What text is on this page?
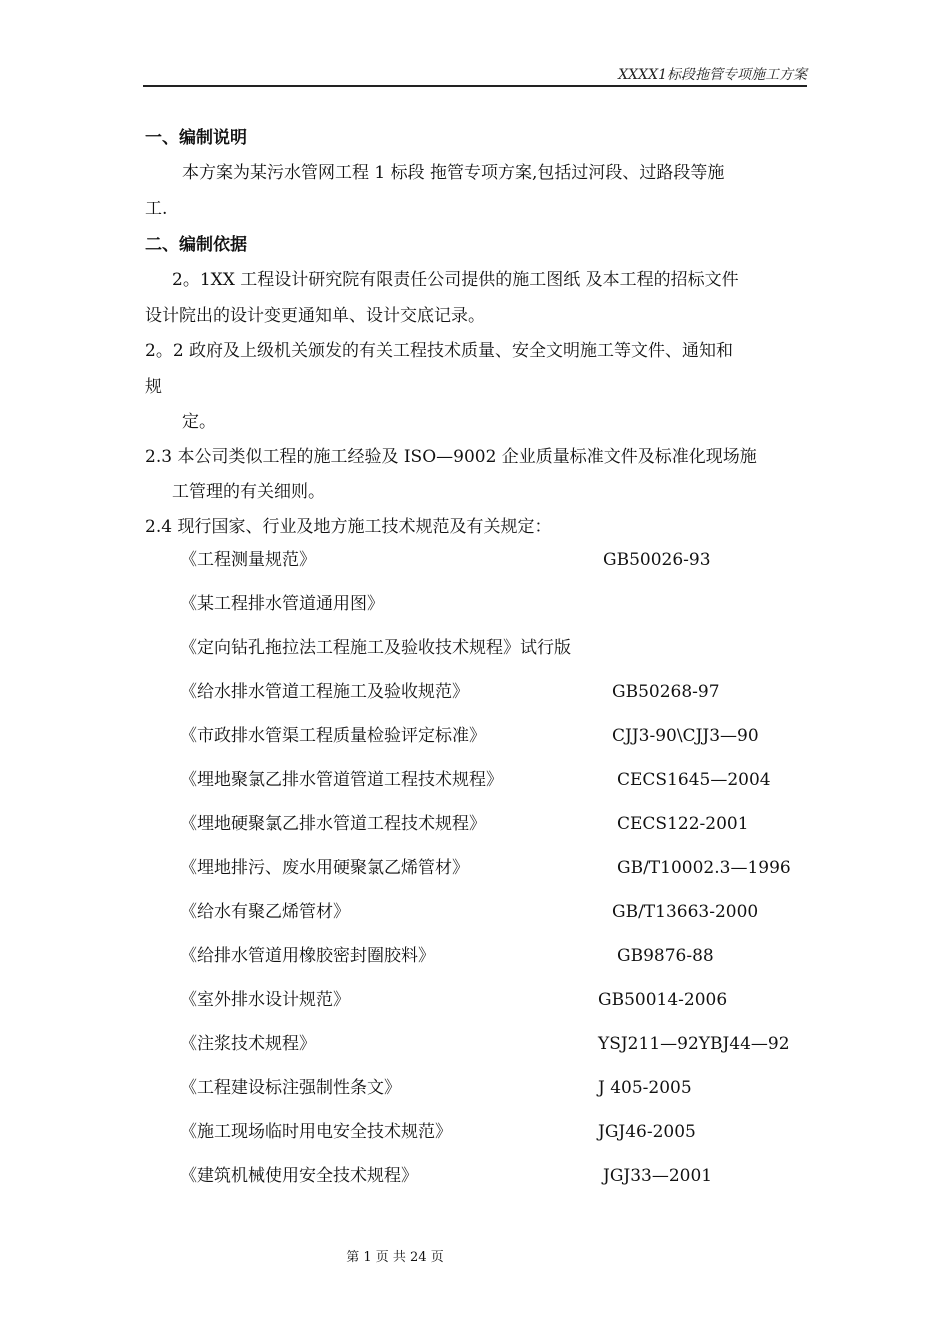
XXXX1标段拖管专项施工方案
一、编制说明
本方案为某污水管网工程 1 标段 拖管专项方案,包括过河段、过路段等施
工.
二、编制依据
2。1XX 工程设计研究院有限责任公司提供的施工图纸 及本工程的招标文件
设计院出的设计变更通知单、设计交底记录。
2。2 政府及上级机关颁发的有关工程技术质量、安全文明施工等文件、通知和
规
定。
2.3 本公司类似工程的施工经验及 ISO—9002 企业质量标准文件及标准化现场施
工管理的有关细则。
2.4 现行国家、行业及地方施工技术规范及有关规定：
《工程测量规范》	GB50026-93
《某工程排水管道通用图》
《定向钻孔拖拉法工程施工及验收技术规程》试行版
《给水排水管道工程施工及验收规范》	GB50268-97
《市政排水管渠工程质量检验评定标准》	CJJ3-90\CJJ3—90
《埋地聚氯乙排水管道管道工程技术规程》	CECS1645—2004
《埋地硬聚氯乙排水管道工程技术规程》	CECS122-2001
《埋地排污、废水用硬聚氯乙烯管材》	GB/T10002.3—1996
《给水有聚乙烯管材》	GB/T13663-2000
《给排水管道用橡胶密封圈胶料》	GB9876-88
《室外排水设计规范》	GB50014-2006
《注浆技术规程》	YSJ211—92YBJ44—92
《工程建设标注强制性条文》	J 405-2005
《施工现场临时用电安全技术规范》	JGJ46-2005
《建筑机械使用安全技术规程》	JGJ33—2001
第 1 页 共 24 页
